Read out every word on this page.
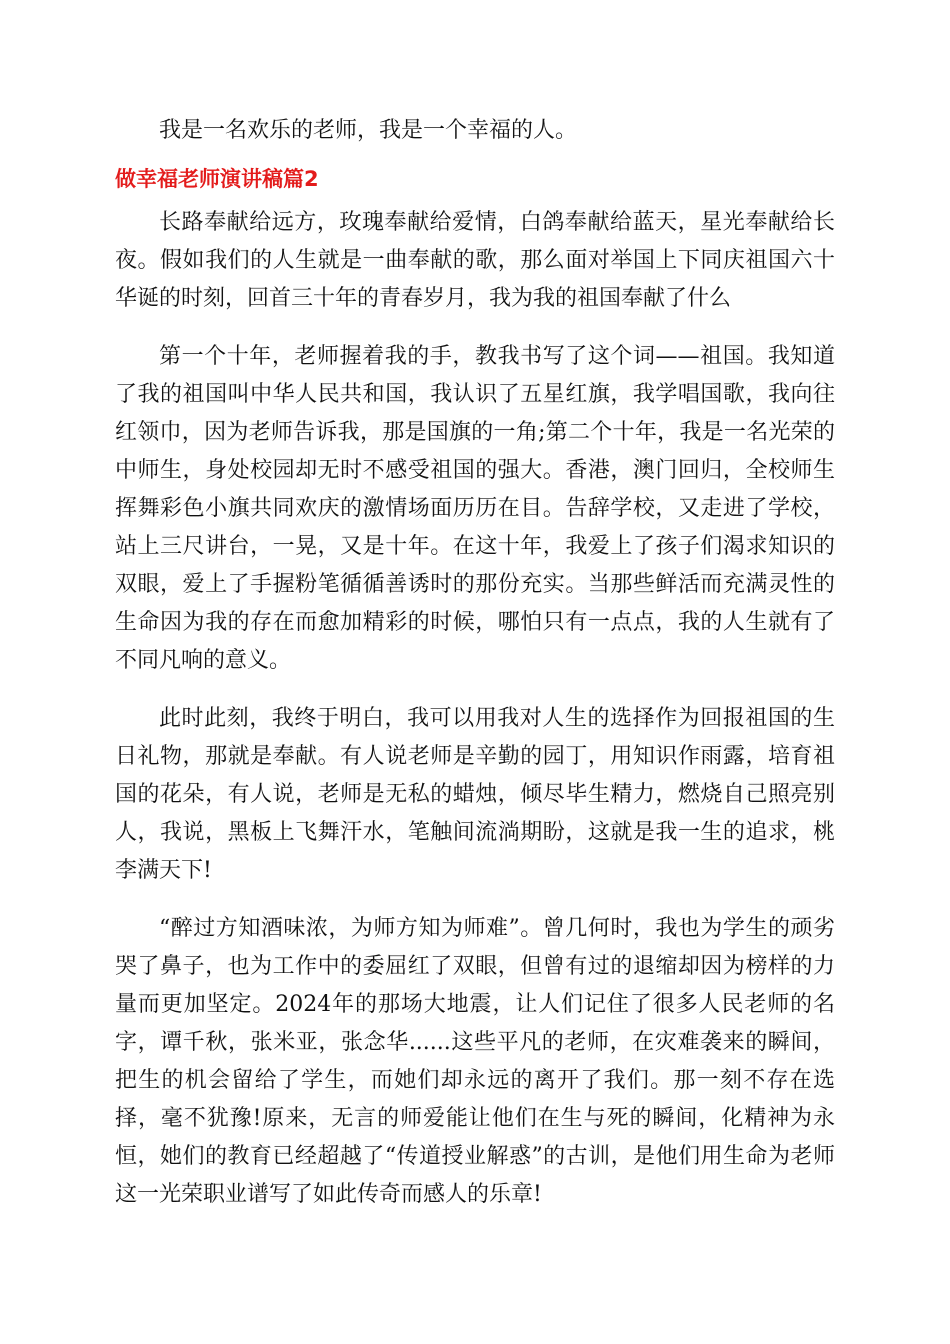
我是一名欢乐的老师，我是一个幸福的人。

做幸福老师演讲稿篇2

长路奉献给远方，玫瑰奉献给爱情，白鸽奉献给蓝天，星光奉献给长夜。假如我们的人生就是一曲奉献的歌，那么面对举国上下同庆祖国六十华诞的时刻，回首三十年的青春岁月，我为我的祖国奉献了什么

第一个十年，老师握着我的手，教我书写了这个词——祖国。我知道了我的祖国叫中华人民共和国，我认识了五星红旗，我学唱国歌，我向往红领巾，因为老师告诉我，那是国旗的一角;第二个十年，我是一名光荣的中师生，身处校园却无时不感受祖国的强大。香港，澳门回归，全校师生挥舞彩色小旗共同欢庆的激情场面历历在目。告辞学校，又走进了学校，站上三尺讲台，一晃，又是十年。在这十年，我爱上了孩子们渴求知识的双眼，爱上了手握粉笔循循善诱时的那份充实。当那些鲜活而充满灵性的生命因为我的存在而愈加精彩的时候，哪怕只有一点点，我的人生就有了不同凡响的意义。

此时此刻，我终于明白，我可以用我对人生的选择作为回报祖国的生日礼物，那就是奉献。有人说老师是辛勤的园丁，用知识作雨露，培育祖国的花朵，有人说，老师是无私的蜡烛，倾尽毕生精力，燃烧自己照亮别人，我说，黑板上飞舞汗水，笔触间流淌期盼，这就是我一生的追求，桃李满天下!

“醉过方知酒味浓，为师方知为师难”。曾几何时，我也为学生的顽劣哭了鼻子，也为工作中的委屈红了双眼，但曾有过的退缩却因为榜样的力量而更加坚定。2024年的那场大地震，让人们记住了很多人民老师的名字，谭千秋，张米亚，张念华......这些平凡的老师，在灾难袭来的瞬间，把生的机会留给了学生，而她们却永远的离开了我们。那一刻不存在选择，毫不犹豫!原来，无言的师爱能让他们在生与死的瞬间，化精神为永恒，她们的教育已经超越了“传道授业解惑”的古训，是他们用生命为老师这一光荣职业谱写了如此传奇而感人的乐章!
